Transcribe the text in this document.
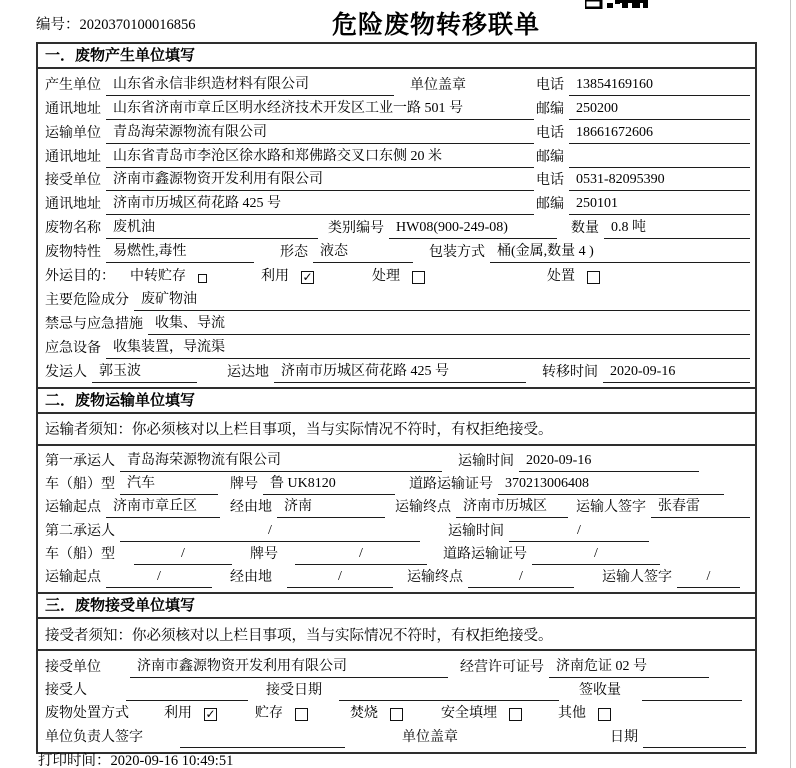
编号：2020370100016856	危险废物转移联单
一．废物产生单位填写
产生单位 山东省永信非织造材料有限公司	单位盖章	电话 13854169160
通讯地址 山东省济南市章丘区明水经济技术开发区工业一路 501 号	邮编 250200
运输单位 青岛海荣源物流有限公司	电话 18661672606
通讯地址 山东省青岛市李沧区徐水路和郑佛路交叉口东侧 20 米	邮编
接受单位 济南市鑫源物资开发利用有限公司	电话 0531-82095390
通讯地址 济南市历城区荷花路 425 号	邮编 250101
废物名称 废机油	类别编号 HW08(900-249-08)	数量 0.8 吨
废物特性 易燃性,毒性	形态 液态	包装方式 桶(金属,数量 4 )
外运目的：	中转贮存	利用	✓	处理	处置
主要危险成分 废矿物油
禁忌与应急措施 收集、导流
应急设备 收集装置，导流渠
发运人 郭玉波	运达地 济南市历城区荷花路 425 号	转移时间 2020-09-16
二．废物运输单位填写
运输者须知：你必须核对以上栏目事项，当与实际情况不符时，有权拒绝接受。
第一承运人 青岛海荣源物流有限公司	运输时间 2020-09-16
车（船）型 汽车	牌号 鲁 UK8120	道路运输证号 370213006408
运输起点 济南市章丘区	经由地 济南	运输终点 济南市历城区	运输人签字 张春雷
第二承运人	/	运输时间	/
车（船）型	/	牌号	/	道路运输证号	/
运输起点	/	经由地	/	运输终点	/	运输人签字	/
三．废物接受单位填写
接受者须知：你必须核对以上栏目事项，当与实际情况不符时，有权拒绝接受。
接受单位	济南市鑫源物资开发利用有限公司	经营许可证号 济南危证 02 号
接受人	接受日期	签收量
废物处置方式	利用	✓	贮存	焚烧	安全填埋	其他
单位负责人签字	单位盖章	日期
打印时间：2020-09-16 10:49:51
